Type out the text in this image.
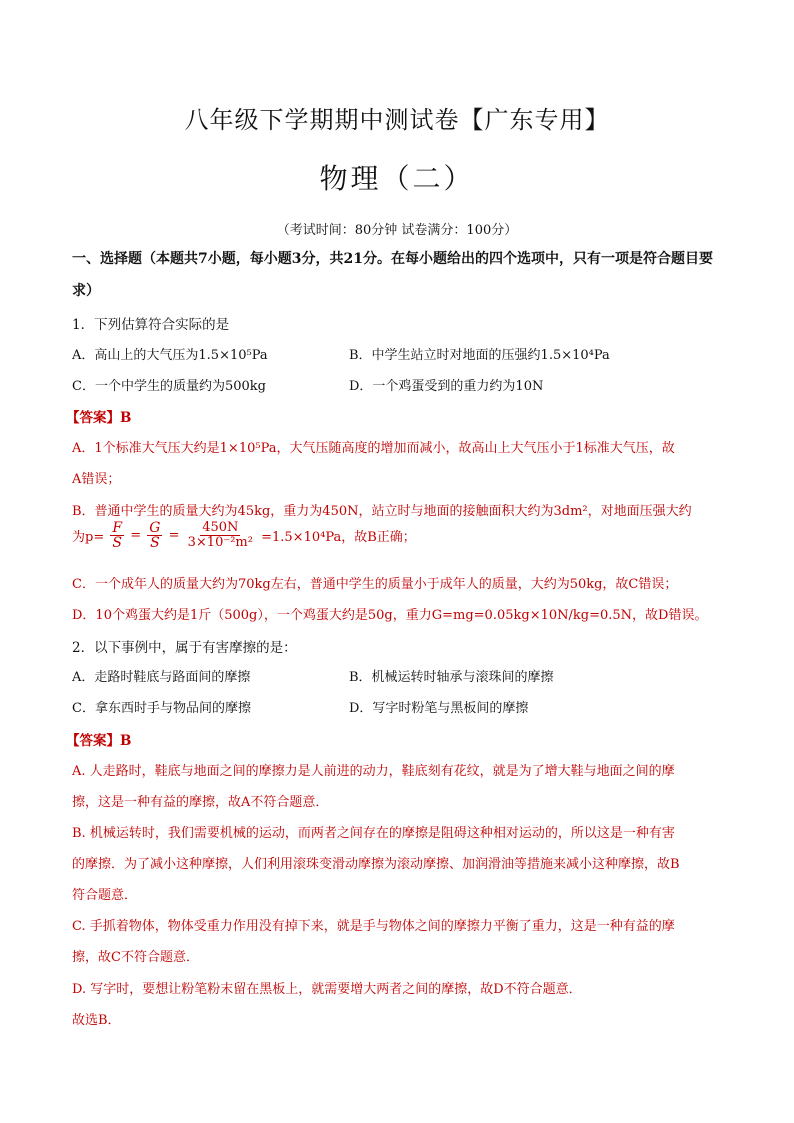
八年级下学期期中测试卷【广东专用】
物理（二）
（考试时间：80分钟 试卷满分：100分）
一、选择题（本题共7小题，每小题3分，共21分。在每小题给出的四个选项中，只有一项是符合题目要
求）
1．下列估算符合实际的是
A．高山上的大气压为1.5×10⁵Pa	B．中学生站立时对地面的压强约1.5×10⁴Pa
C．一个中学生的质量约为500kg	D．一个鸡蛋受到的重力约为10N
【答案】B
A．1个标准大气压大约是1×10⁵Pa，大气压随高度的增加而减小，故高山上大气压小于1标准大气压，故
A错误；
B．普通中学生的质量大约为45kg，重力为450N，站立时与地面的接触面积大约为3dm²，对地面压强大约
为$p= \frac{F}{S} = \frac{G}{S} = \frac{450N}{\text{3×10⁻²m²}} =1.5\times 10^4Pa$，故B正确；
C．一个成年人的质量大约为70kg左右，普通中学生的质量小于成年人的质量，大约为50kg，故C错误；
D．10个鸡蛋大约是1斤（500g），一个鸡蛋大约是50g，重力G=mg=0.05kg×10N/kg=0.5N，故D错误。
2．以下事例中，属于有害摩擦的是：
A．走路时鞋底与路面间的摩擦	B．机械运转时轴承与滚珠间的摩擦
C．拿东西时手与物品间的摩擦	D．写字时粉笔与黑板间的摩擦
【答案】B
A. 人走路时，鞋底与地面之间的摩擦力是人前进的动力，鞋底刻有花纹，就是为了增大鞋与地面之间的摩
擦，这是一种有益的摩擦，故A不符合题意．
B. 机械运转时，我们需要机械的运动，而两者之间存在的摩擦是阻碍这种相对运动的，所以这是一种有害
的摩擦．为了减小这种摩擦，人们利用滚珠变滑动摩擦为滚动摩擦、加润滑油等措施来减小这种摩擦，故B
符合题意．
C. 手抓着物体，物体受重力作用没有掉下来，就是手与物体之间的摩擦力平衡了重力，这是一种有益的摩
擦，故C不符合题意．
D. 写字时，要想让粉笔粉末留在黑板上，就需要增大两者之间的摩擦，故D不符合题意．
故选B．
